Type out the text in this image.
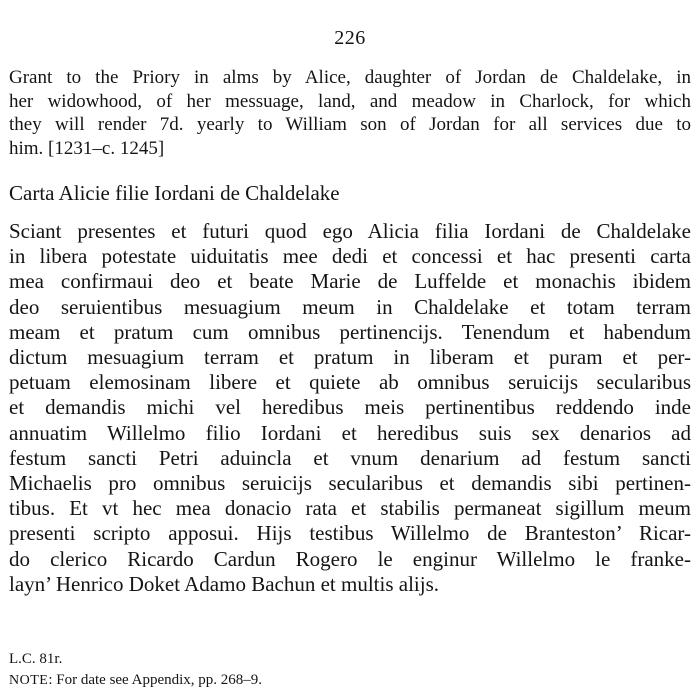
226
Grant to the Priory in alms by Alice, daughter of Jordan de Chaldelake, in
her widowhood, of her messuage, land, and meadow in Charlock, for which
they will render 7d. yearly to William son of Jordan for all services due to
him. [1231–c. 1245]
Carta Alicie filie Iordani de Chaldelake
Sciant presentes et futuri quod ego Alicia filia Iordani de Chaldelake
in libera potestate uiduitatis mee dedi et concessi et hac presenti carta
mea confirmaui deo et beate Marie de Luffelde et monachis ibidem
deo seruientibus mesuagium meum in Chaldelake et totam terram
meam et pratum cum omnibus pertinencijs. Tenendum et habendum
dictum mesuagium terram et pratum in liberam et puram et per-
petuam elemosinam libere et quiete ab omnibus seruicijs secularibus
et demandis michi vel heredibus meis pertinentibus reddendo inde
annuatim Willelmo filio Iordani et heredibus suis sex denarios ad
festum sancti Petri aduincla et vnum denarium ad festum sancti
Michaelis pro omnibus seruicijs secularibus et demandis sibi pertinen-
tibus. Et vt hec mea donacio rata et stabilis permaneat sigillum meum
presenti scripto apposui. Hijs testibus Willelmo de Branteston’ Ricar-
do clerico Ricardo Cardun Rogero le enginur Willelmo le franke-
layn’ Henrico Doket Adamo Bachun et multis alijs.
L.C. 81r.
NOTE: For date see Appendix, pp. 268–9.
